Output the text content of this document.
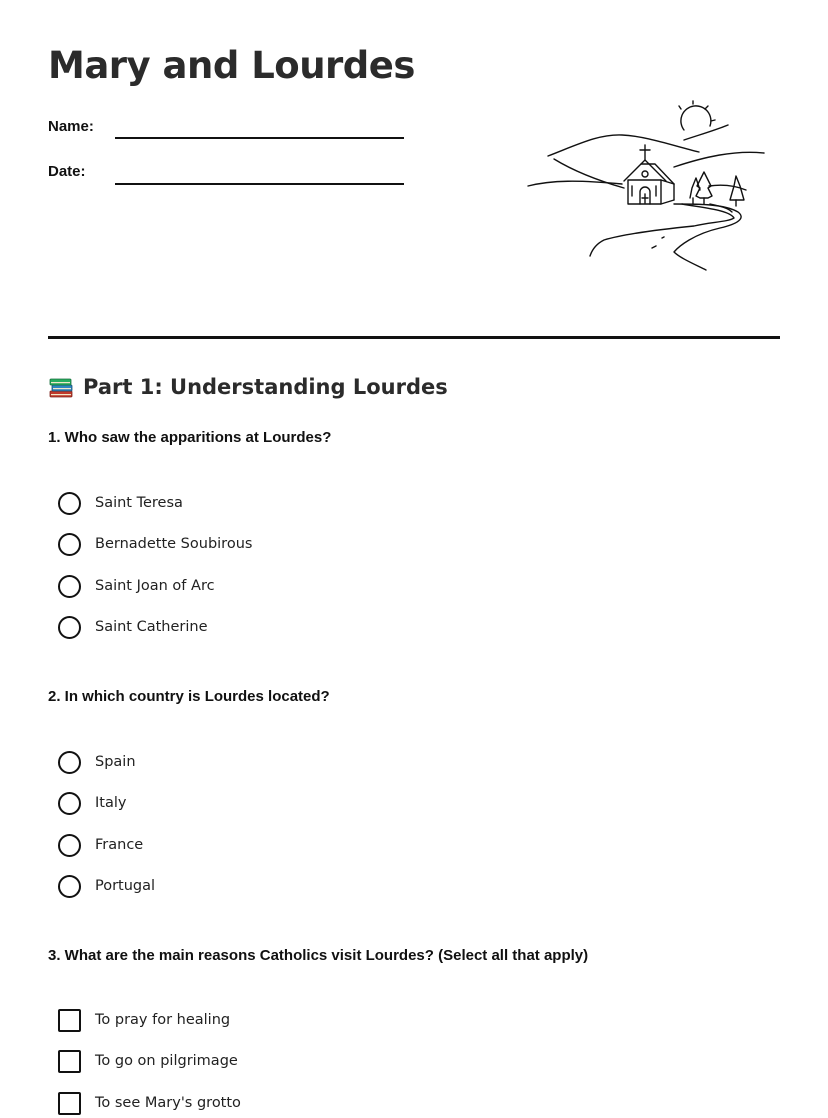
Mary and Lourdes
Name:
Date:
Part 1: Understanding Lourdes
1. Who saw the apparitions at Lourdes?
Saint Teresa
Bernadette Soubirous
Saint Joan of Arc
Saint Catherine
2. In which country is Lourdes located?
Spain
Italy
France
Portugal
3. What are the main reasons Catholics visit Lourdes? (Select all that apply)
To pray for healing
To go on pilgrimage
To see Mary's grotto
